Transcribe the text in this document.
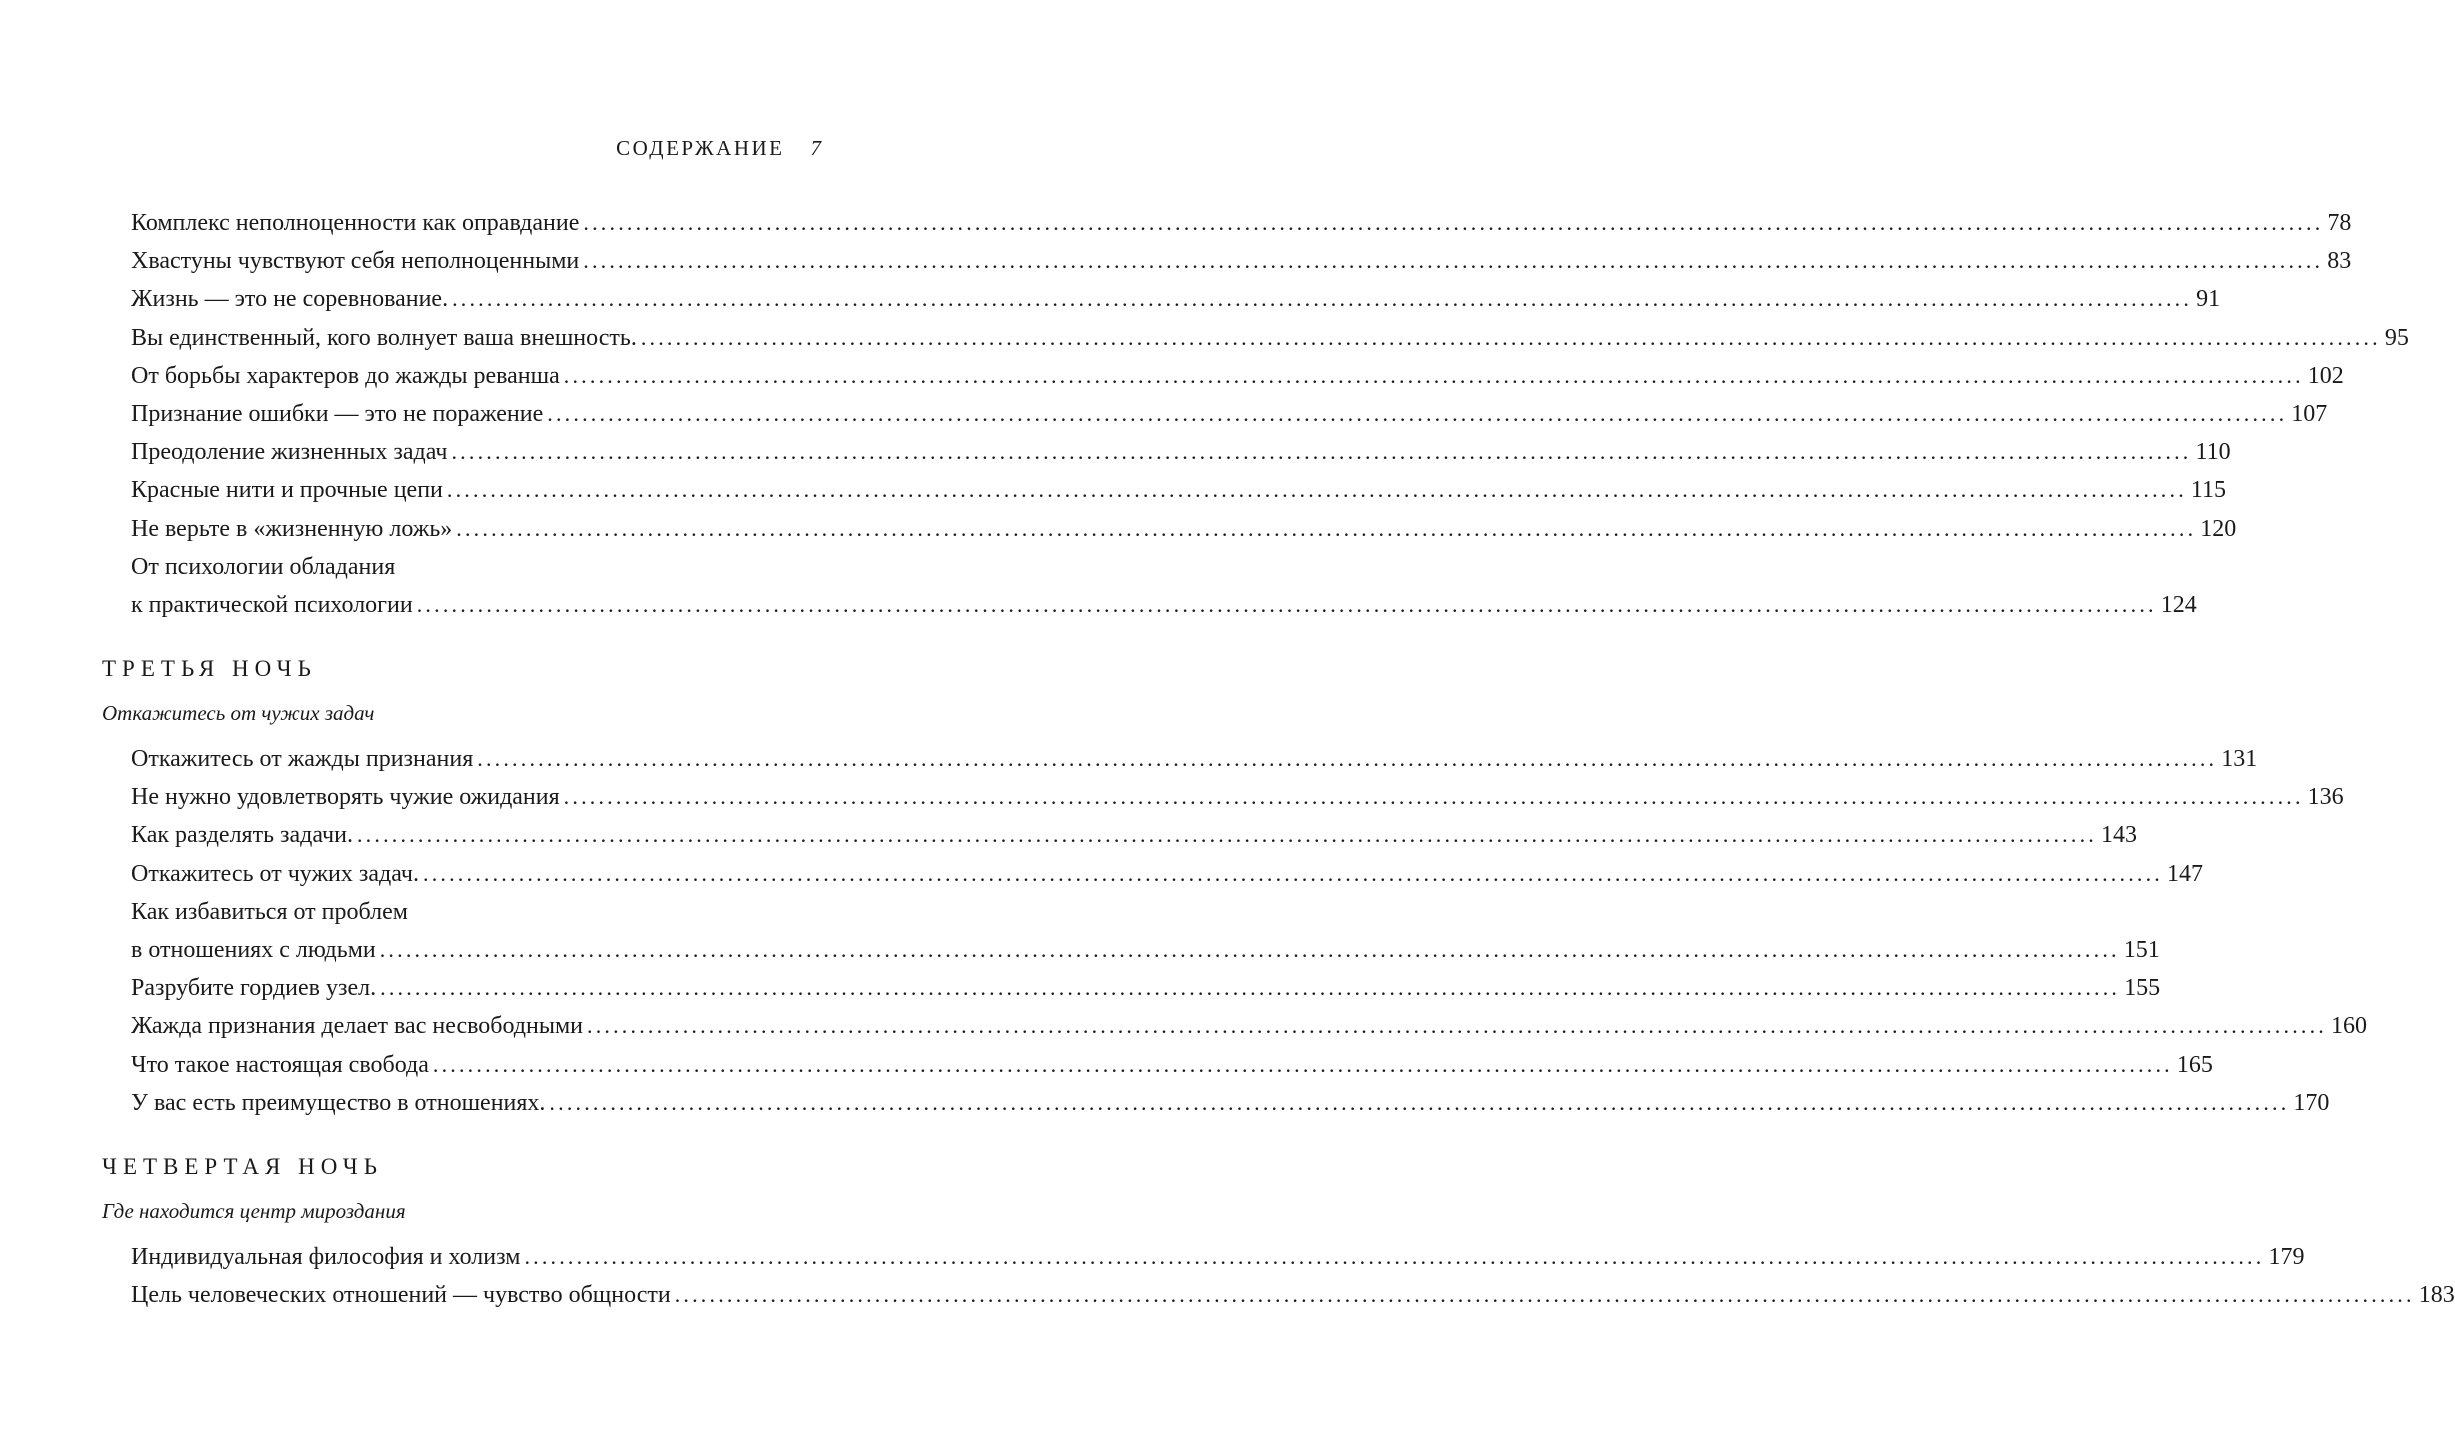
СОДЕРЖАНИЕ 7
Комплекс неполноценности как оправдание ........................................................................................................................................................................................................ 78
Хвастуны чувствуют себя неполноценными ........................................................................................................................................................................................................ 83
Жизнь — это не соревнование. ........................................................................................................................................................................................................ 91
Вы единственный, кого волнует ваша внешность. ........................................................................................................................................................................................................ 95
От борьбы характеров до жажды реванша ........................................................................................................................................................................................................ 102
Признание ошибки — это не поражение ........................................................................................................................................................................................................ 107
Преодоление жизненных задач ........................................................................................................................................................................................................ 110
Красные нити и прочные цепи ........................................................................................................................................................................................................ 115
Не верьте в «жизненную ложь» ........................................................................................................................................................................................................ 120
От психологии обладания
к практической психологии ........................................................................................................................................................................................................ 124
ТРЕТЬЯ НОЧЬ
Откажитесь от чужих задач
Откажитесь от жажды признания ........................................................................................................................................................................................................ 131
Не нужно удовлетворять чужие ожидания ........................................................................................................................................................................................................ 136
Как разделять задачи. ........................................................................................................................................................................................................ 143
Откажитесь от чужих задач. ........................................................................................................................................................................................................ 147
Как избавиться от проблем
в отношениях с людьми ........................................................................................................................................................................................................ 151
Разрубите гордиев узел. ........................................................................................................................................................................................................ 155
Жажда признания делает вас несвободными ........................................................................................................................................................................................................ 160
Что такое настоящая свобода ........................................................................................................................................................................................................ 165
У вас есть преимущество в отношениях. ........................................................................................................................................................................................................ 170
ЧЕТВЕРТАЯ НОЧЬ
Где находится центр мироздания
Индивидуальная философия и холизм ........................................................................................................................................................................................................ 179
Цель человеческих отношений — чувство общности ........................................................................................................................................................................................................ 183
